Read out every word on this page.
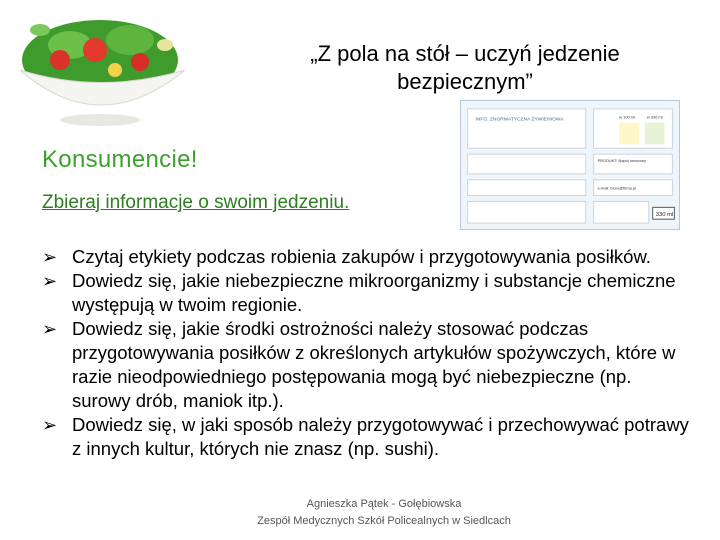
„Z pola na stół – uczyń jedzenie
bezpiecznym”
INFO. ZNORMATYCZNA ŻYWIENIOWA
w 100 ml	w 330 ml
PRODUKT: Napój owocowy
e-mail: biuro@firma.pl
330 ml
Konsumencie!
Zbieraj informacje o swoim jedzeniu.
➢ Czytaj etykiety podczas robienia zakupów i przygotowywania posiłków.
➢ Dowiedz się, jakie niebezpieczne mikroorganizmy i substancje chemiczne występują w twoim regionie.
➢ Dowiedz się, jakie środki ostrożności należy stosować podczas przygotowywania posiłków z określonych artykułów spożywczych, które w razie nieodpowiedniego postępowania mogą być niebezpieczne (np. surowy drób, maniok itp.).
➢ Dowiedz się, w jaki sposób należy przygotowywać i przechowywać potrawy z innych kultur, których nie znasz (np. sushi).
Agnieszka Pątek - Gołębiowska
Zespół Medycznych Szkół Policealnych w Siedlcach
